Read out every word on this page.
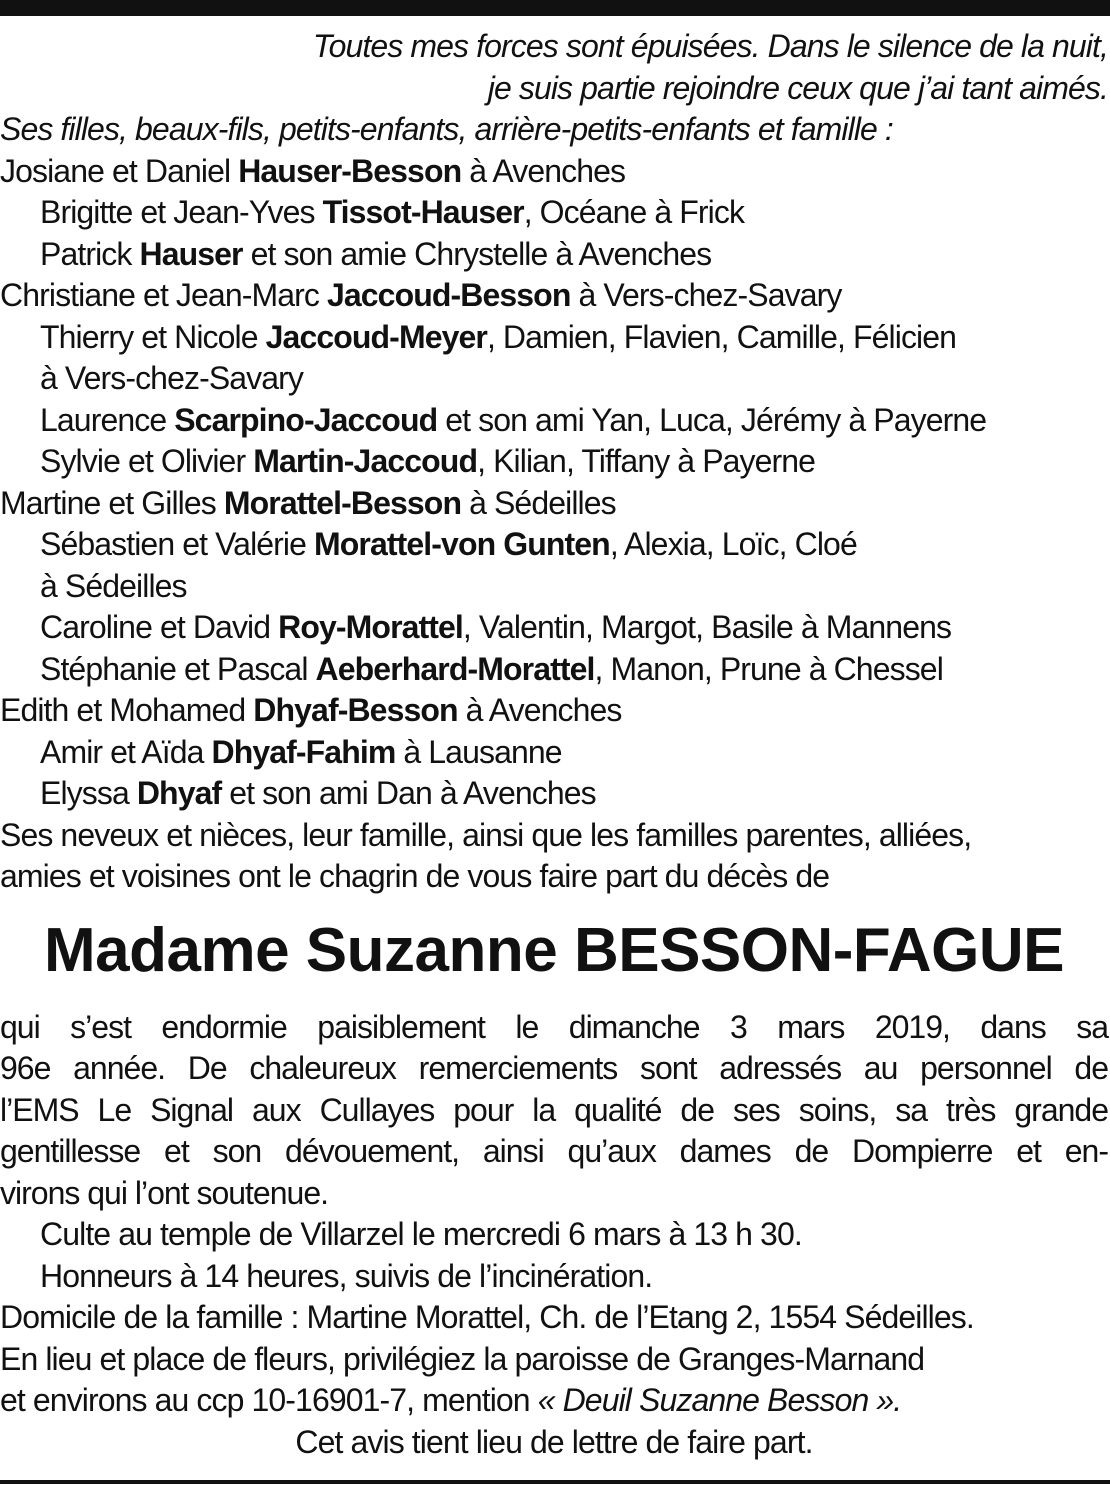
Toutes mes forces sont épuisées. Dans le silence de la nuit,
je suis partie rejoindre ceux que j’ai tant aimés.
Ses filles, beaux-fils, petits-enfants, arrière-petits-enfants et famille :
Josiane et Daniel Hauser-Besson à Avenches
Brigitte et Jean-Yves Tissot-Hauser, Océane à Frick
Patrick Hauser et son amie Chrystelle à Avenches
Christiane et Jean-Marc Jaccoud-Besson à Vers-chez-Savary
Thierry et Nicole Jaccoud-Meyer, Damien, Flavien, Camille, Félicien
à Vers-chez-Savary
Laurence Scarpino-Jaccoud et son ami Yan, Luca, Jérémy à Payerne
Sylvie et Olivier Martin-Jaccoud, Kilian, Tiffany à Payerne
Martine et Gilles Morattel-Besson à Sédeilles
Sébastien et Valérie Morattel-von Gunten, Alexia, Loïc, Cloé
à Sédeilles
Caroline et David Roy-Morattel, Valentin, Margot, Basile à Mannens
Stéphanie et Pascal Aeberhard-Morattel, Manon, Prune à Chessel
Edith et Mohamed Dhyaf-Besson à Avenches
Amir et Aïda Dhyaf-Fahim à Lausanne
Elyssa Dhyaf et son ami Dan à Avenches
Ses neveux et nièces, leur famille, ainsi que les familles parentes, alliées,
amies et voisines ont le chagrin de vous faire part du décès de
Madame Suzanne BESSON-FAGUE
qui s’est endormie paisiblement le dimanche 3 mars 2019, dans sa
96e année. De chaleureux remerciements sont adressés au personnel de
l’EMS Le Signal aux Cullayes pour la qualité de ses soins, sa très grande
gentillesse et son dévouement, ainsi qu’aux dames de Dompierre et en-
virons qui l’ont soutenue.
Culte au temple de Villarzel le mercredi 6 mars à 13 h 30.
Honneurs à 14 heures, suivis de l’incinération.
Domicile de la famille : Martine Morattel, Ch. de l’Etang 2, 1554 Sédeilles.
En lieu et place de fleurs, privilégiez la paroisse de Granges-Marnand
et environs au ccp 10-16901-7, mention « Deuil Suzanne Besson ».
Cet avis tient lieu de lettre de faire part.
